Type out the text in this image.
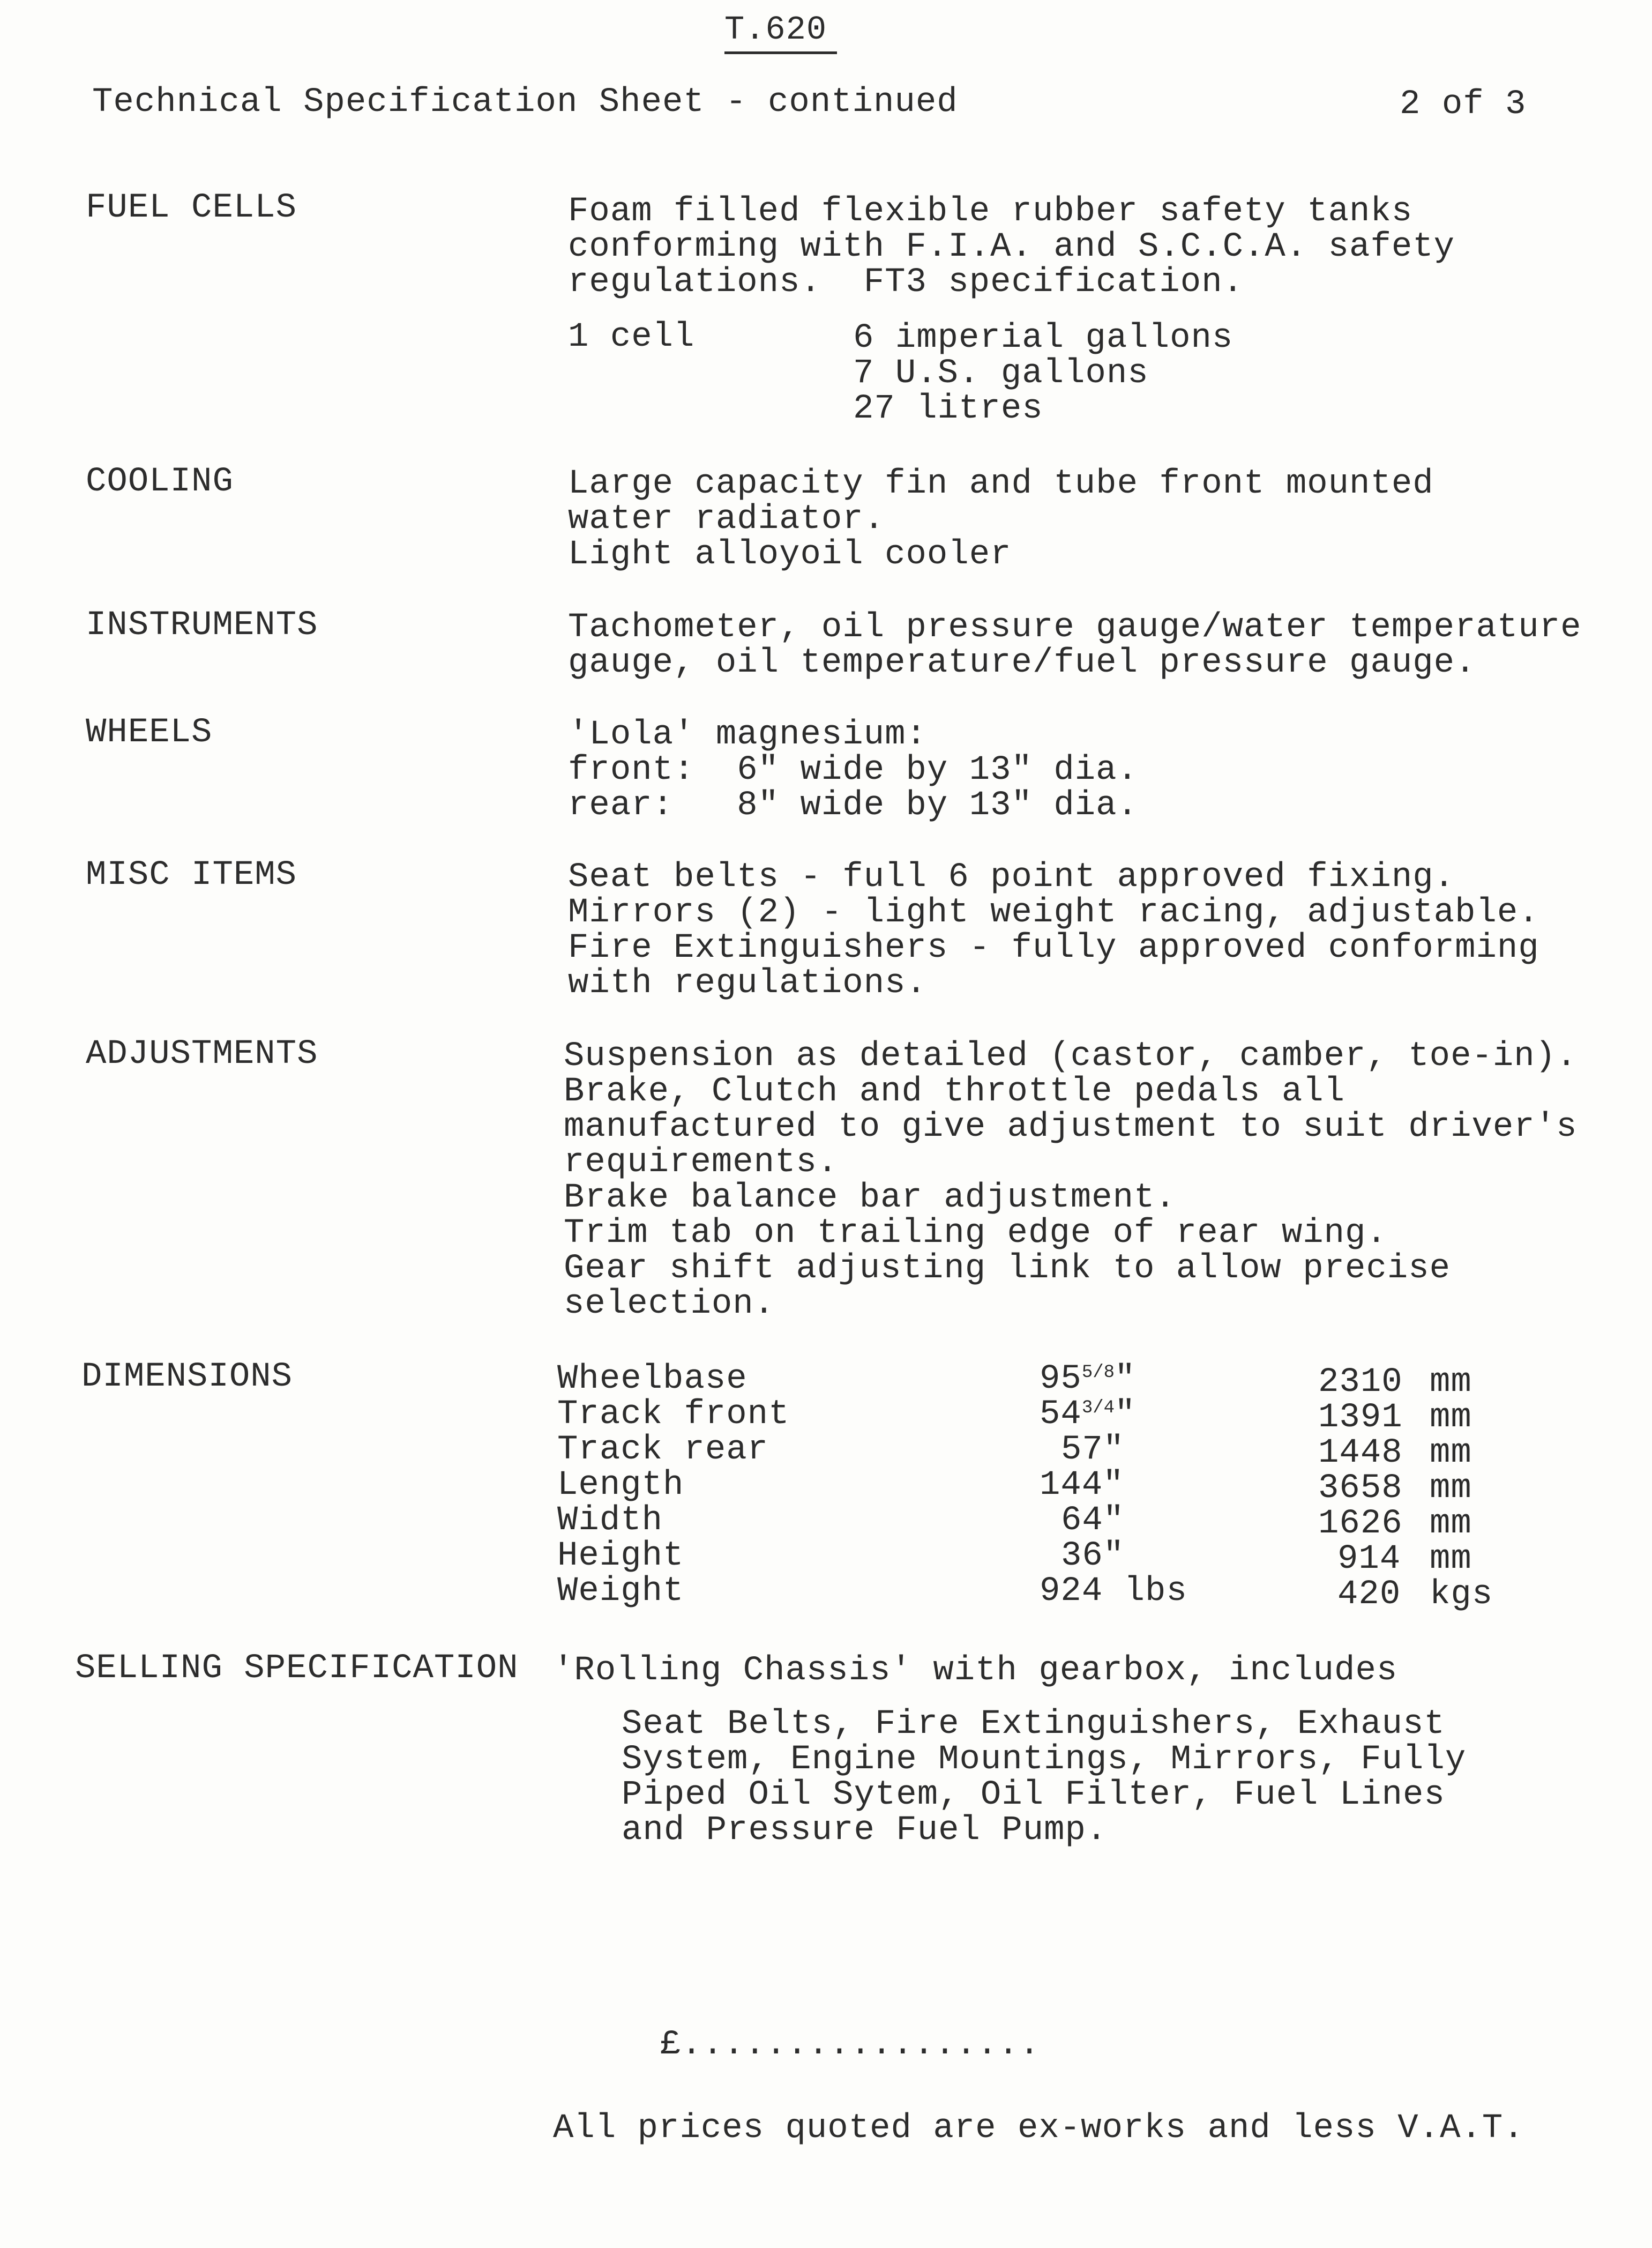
T.620
Technical Specification Sheet - continued	2 of 3
FUEL CELLS	Foam filled flexible rubber safety tanks
conforming with F.I.A. and S.C.C.A. safety
regulations.  FT3 specification.
1 cell	6 imperial gallons
7 U.S. gallons
27 litres
COOLING	Large capacity fin and tube front mounted
water radiator.
Light alloyoil cooler
INSTRUMENTS	Tachometer, oil pressure gauge/water temperature
gauge, oil temperature/fuel pressure gauge.
WHEELS	'Lola' magnesium:
front:  6" wide by 13" dia.
rear:   8" wide by 13" dia.
MISC ITEMS	Seat belts - full 6 point approved fixing.
Mirrors (2) - light weight racing, adjustable.
Fire Extinguishers - fully approved conforming
with regulations.
ADJUSTMENTS	Suspension as detailed (castor, camber, toe-in).
Brake, Clutch and throttle pedals all
manufactured to give adjustment to suit driver's
requirements.
Brake balance bar adjustment.
Trim tab on trailing edge of rear wing.
Gear shift adjusting link to allow precise
selection.
DIMENSIONS	Wheelbase	955/8"	2310 mm
Track front	543/4"	1391 mm
Track rear	57"	1448 mm
Length	144"	3658 mm
Width	64"	1626 mm
Height	36"	914 mm
Weight	924 lbs	420 kgs
SELLING SPECIFICATION 'Rolling Chassis' with gearbox, includes
Seat Belts, Fire Extinguishers, Exhaust
System, Engine Mountings, Mirrors, Fully
Piped Oil Sytem, Oil Filter, Fuel Lines
and Pressure Fuel Pump.
£.................
All prices quoted are ex-works and less V.A.T.
